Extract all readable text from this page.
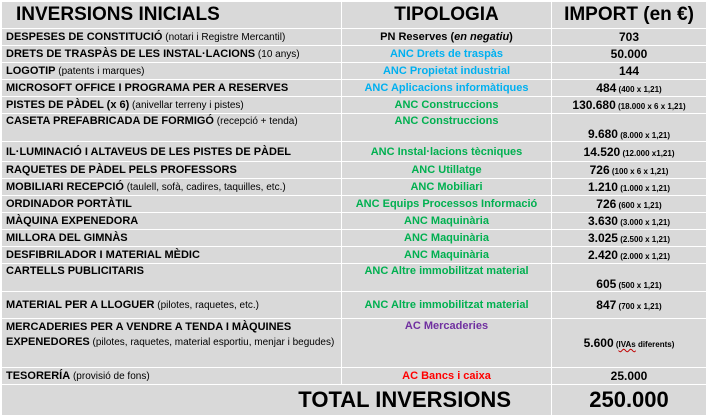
INVERSIONS INICIALS	TIPOLOGIA	IMPORT (en €)
DESPESES DE CONSTITUCIÓ (notari i Registre Mercantil)	PN Reserves (en negatiu)	703
DRETS DE TRASPÀS DE LES INSTAL·LACIONS (10 anys)	ANC Drets de traspàs	50.000
LOGOTIP (patents i marques)	ANC Propietat industrial	144
MICROSOFT OFFICE I PROGRAMA PER A RESERVES	ANC Aplicacions informàtiques	484 (400 x 1,21)
PISTES DE PÀDEL (x 6) (anivellar terreny i pistes)	ANC Construccions	130.680 (18.000 x 6 x 1,21)
CASETA PREFABRICADA DE FORMIGÓ (recepció + tenda)	ANC Construccions	9.680 (8.000 x 1,21)
IL·LUMINACIÓ I ALTAVEUS DE LES PISTES DE PÀDEL	ANC Instal·lacions tècniques	14.520 (12.000 x1,21)
RAQUETES DE PÀDEL PELS PROFESSORS	ANC Utillatge	726 (100 x 6 x 1,21)
MOBILIARI RECEPCIÓ (taulell, sofà, cadires, taquilles, etc.)	ANC Mobiliari	1.210 (1.000 x 1,21)
ORDINADOR PORTÀTIL	ANC Equips Processos Informació	726 (600 x 1,21)
MÀQUINA EXPENEDORA	ANC Maquinària	3.630 (3.000 x 1,21)
MILLORA DEL GIMNÀS	ANC Maquinària	3.025 (2.500 x 1,21)
DESFIBRILADOR I MATERIAL MÈDIC	ANC Maquinària	2.420 (2.000 x 1,21)
CARTELLS PUBLICITARIS	ANC Altre immobilitzat material	605 (500 x 1,21)
MATERIAL PER A LLOGUER (pilotes, raquetes, etc.)	ANC Altre immobilitzat material	847 (700 x 1,21)
MERCADERIES PER A VENDRE A TENDA I MÀQUINES EXPENEDORES (pilotes, raquetes, material esportiu, menjar i begudes)	AC Mercaderies	5.600 (IVAs diferents)
TESORERÍA (provisió de fons)	AC Bancs i caixa	25.000
TOTAL INVERSIONS		250.000
